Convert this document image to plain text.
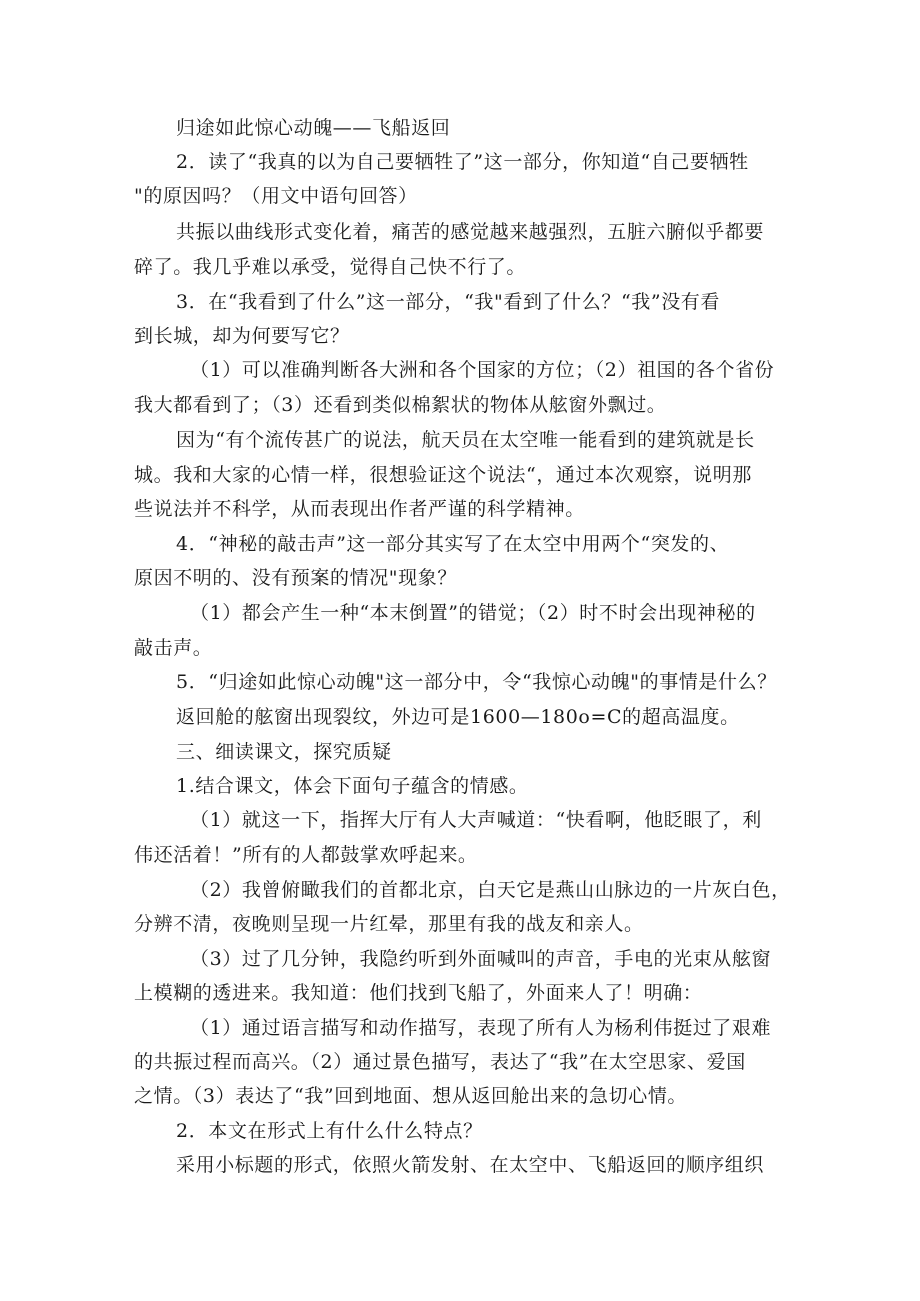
归途如此惊心动魄——飞船返回
2．读了“我真的以为自己要牺牲了”这一部分，你知道“自己要牺牲
"的原因吗？（用文中语句回答）
共振以曲线形式变化着，痛苦的感觉越来越强烈，五脏六腑似乎都要
碎了。我几乎难以承受，觉得自己快不行了。
3．在“我看到了什么”这一部分，“我"看到了什么？“我”没有看
到长城，却为何要写它？
（1）可以准确判断各大洲和各个国家的方位；（2）祖国的各个省份
我大都看到了；（3）还看到类似棉絮状的物体从舷窗外飘过。
因为“有个流传甚广的说法，航天员在太空唯一能看到的建筑就是长
城。我和大家的心情一样，很想验证这个说法“，通过本次观察，说明那
些说法并不科学，从而表现出作者严谨的科学精神。
4．“神秘的敲击声”这一部分其实写了在太空中用两个“突发的、
原因不明的、没有预案的情况"现象？
（1）都会产生一种“本末倒置”的错觉；（2）时不时会出现神秘的
敲击声。
5．“归途如此惊心动魄"这一部分中，令“我惊心动魄"的事情是什么？
返回舱的舷窗出现裂纹，外边可是1600—180o=C的超高温度。
三、细读课文，探究质疑
1.结合课文，体会下面句子蕴含的情感。
（1）就这一下，指挥大厅有人大声喊道：“快看啊，他眨眼了，利
伟还活着！”所有的人都鼓掌欢呼起来。
（2）我曾俯瞰我们的首都北京，白天它是燕山山脉边的一片灰白色，
分辨不清，夜晚则呈现一片红晕，那里有我的战友和亲人。
（3）过了几分钟，我隐约听到外面喊叫的声音，手电的光束从舷窗
上模糊的透进来。我知道：他们找到飞船了，外面来人了！明确：
（1）通过语言描写和动作描写，表现了所有人为杨利伟挺过了艰难
的共振过程而高兴。（2）通过景色描写，表达了“我”在太空思家、爱国
之情。（3）表达了“我”回到地面、想从返回舱出来的急切心情。
2．本文在形式上有什么什么特点？
采用小标题的形式，依照火箭发射、在太空中、飞船返回的顺序组织
